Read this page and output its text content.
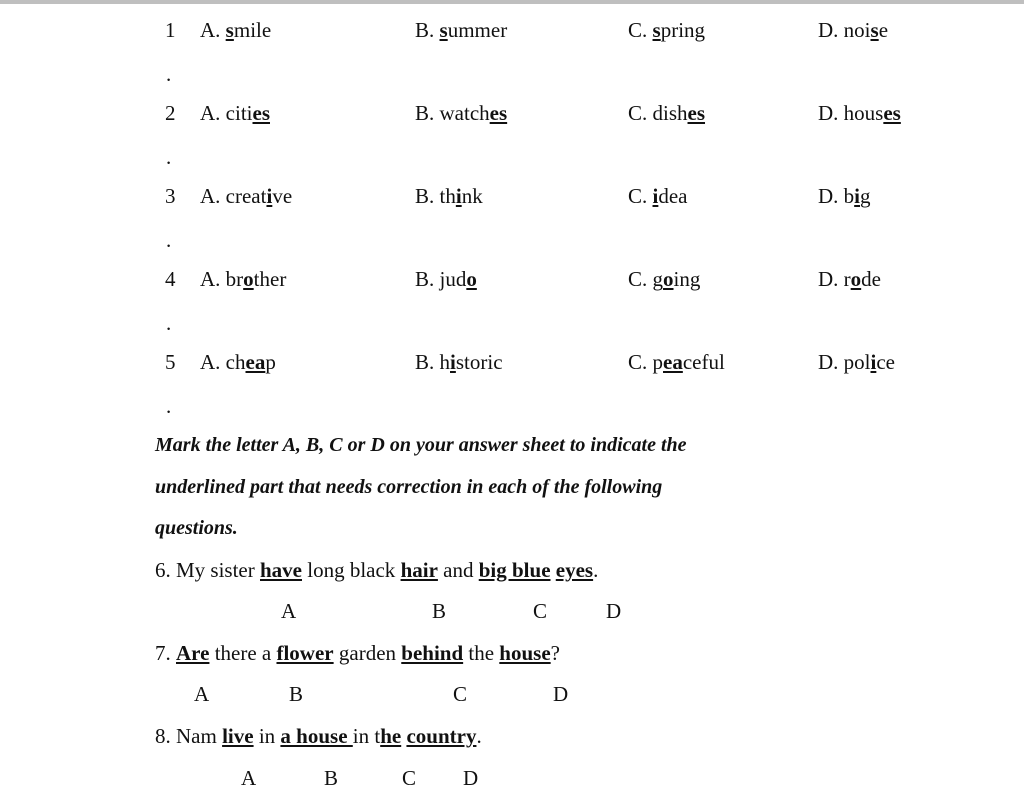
1 A. smile	B. summer	C. spring	D. noise
.
2 A. cities	B. watches	C. dishes	D. houses
.
3 A. creative	B. think	C. idea	D. big
.
4 A. brother	B. judo	C. going	D. rode
.
5 A. cheap	B. historic	C. peaceful	D. police
.
Mark the letter A, B, C or D on your answer sheet to indicate the
underlined part that needs correction in each of the following
questions.
6. My sister have long black hair and big blue eyes.
A	B	C	D
7. Are there a flower garden behind the house?
A	B	C	D
8. Nam live in a house in the country.
A	B	C D
